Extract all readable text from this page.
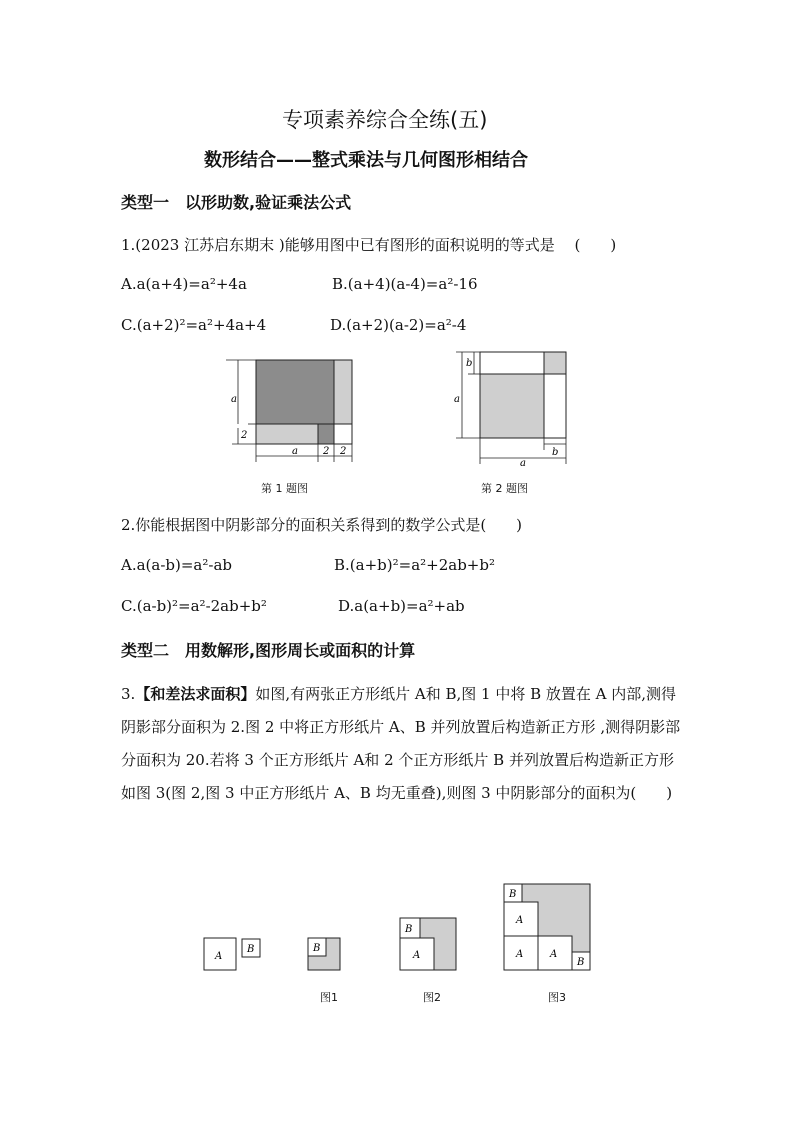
专项素养综合全练(五)
数形结合——整式乘法与几何图形相结合
类型一　以形助数,验证乘法公式
1.(2023 江苏启东期末 )能够用图中已有图形的面积说明的等式是　 (　　)
A.a(a+4)=a²+4a	B.(a+4)(a-4)=a²-16
C.(a+2)²=a²+4a+4	D.(a+2)(a-2)=a²-4
a
2
a	2 2
第 1 题图
b
a
b
a
第 2 题图
2.你能根据图中阴影部分的面积关系得到的数学公式是(　　)
A.a(a-b)=a²-ab	B.(a+b)²=a²+2ab+b²
C.(a-b)²=a²-2ab+b²	D.a(a+b)=a²+ab
类型二　用数解形,图形周长或面积的计算
3.【和差法求面积】如图,有两张正方形纸片 A和 B,图 1 中将 B 放置在 A 内部,测得阴影部分面积为 2.图 2 中将正方形纸片 A、B 并列放置后构造新正方形 ,测得阴影部分面积为 20.若将 3 个正方形纸片 A和 2 个正方形纸片 B 并列放置后构造新正方形如图 3(图 2,图 3 中正方形纸片 A、B 均无重叠),则图 3 中阴影部分的面积为(　　)
A
B	B
B
A
B
A
A	A
B
图1	图2	图3
